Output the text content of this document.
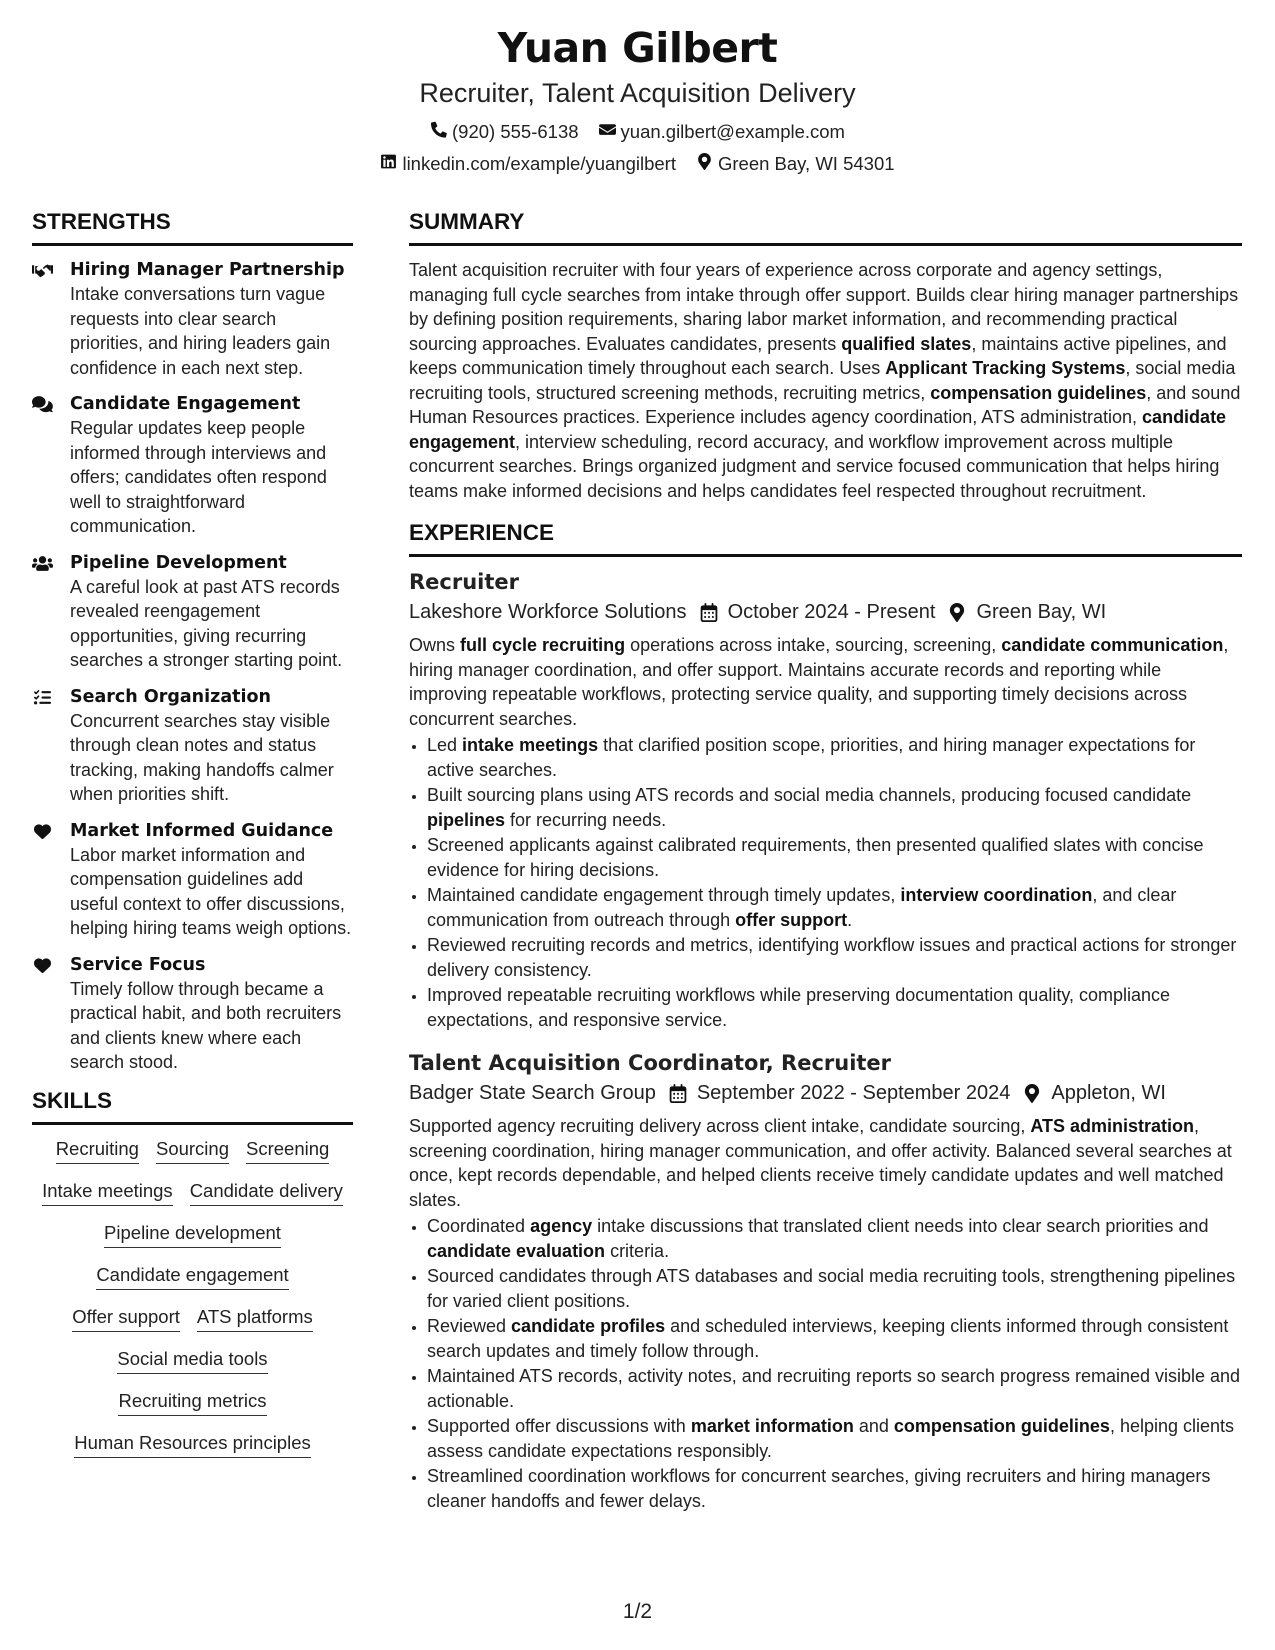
Yuan Gilbert
Recruiter, Talent Acquisition Delivery
(920) 555-6138 yuan.gilbert@example.com
linkedin.com/example/yuangilbert Green Bay, WI 54301
STRENGTHS
Hiring Manager Partnership
Intake conversations turn vague requests into clear search priorities, and hiring leaders gain confidence in each next step.
Candidate Engagement
Regular updates keep people informed through interviews and offers; candidates often respond well to straightforward communication.
Pipeline Development
A careful look at past ATS records revealed reengagement opportunities, giving recurring searches a stronger starting point.
Search Organization
Concurrent searches stay visible through clean notes and status tracking, making handoffs calmer when priorities shift.
Market Informed Guidance
Labor market information and compensation guidelines add useful context to offer discussions, helping hiring teams weigh options.
Service Focus
Timely follow through became a practical habit, and both recruiters and clients knew where each search stood.
SKILLS
Recruiting Sourcing Screening
Intake meetings Candidate delivery
Pipeline development
Candidate engagement
Offer support ATS platforms
Social media tools
Recruiting metrics
Human Resources principles
SUMMARY
Talent acquisition recruiter with four years of experience across corporate and agency settings, managing full cycle searches from intake through offer support. Builds clear hiring manager partnerships by defining position requirements, sharing labor market information, and recommending practical sourcing approaches. Evaluates candidates, presents qualified slates, maintains active pipelines, and keeps communication timely throughout each search. Uses Applicant Tracking Systems, social media recruiting tools, structured screening methods, recruiting metrics, compensation guidelines, and sound Human Resources practices. Experience includes agency coordination, ATS administration, candidate engagement, interview scheduling, record accuracy, and workflow improvement across multiple concurrent searches. Brings organized judgment and service focused communication that helps hiring teams make informed decisions and helps candidates feel respected throughout recruitment.
EXPERIENCE
Recruiter
Lakeshore Workforce Solutions October 2024 - Present Green Bay, WI
Owns full cycle recruiting operations across intake, sourcing, screening, candidate communication, hiring manager coordination, and offer support. Maintains accurate records and reporting while improving repeatable workflows, protecting service quality, and supporting timely decisions across concurrent searches.
• Led intake meetings that clarified position scope, priorities, and hiring manager expectations for active searches.
• Built sourcing plans using ATS records and social media channels, producing focused candidate pipelines for recurring needs.
• Screened applicants against calibrated requirements, then presented qualified slates with concise evidence for hiring decisions.
• Maintained candidate engagement through timely updates, interview coordination, and clear communication from outreach through offer support.
• Reviewed recruiting records and metrics, identifying workflow issues and practical actions for stronger delivery consistency.
• Improved repeatable recruiting workflows while preserving documentation quality, compliance expectations, and responsive service.
Talent Acquisition Coordinator, Recruiter
Badger State Search Group September 2022 - September 2024 Appleton, WI
Supported agency recruiting delivery across client intake, candidate sourcing, ATS administration, screening coordination, hiring manager communication, and offer activity. Balanced several searches at once, kept records dependable, and helped clients receive timely candidate updates and well matched slates.
• Coordinated agency intake discussions that translated client needs into clear search priorities and candidate evaluation criteria.
• Sourced candidates through ATS databases and social media recruiting tools, strengthening pipelines for varied client positions.
• Reviewed candidate profiles and scheduled interviews, keeping clients informed through consistent search updates and timely follow through.
• Maintained ATS records, activity notes, and recruiting reports so search progress remained visible and actionable.
• Supported offer discussions with market information and compensation guidelines, helping clients assess candidate expectations responsibly.
• Streamlined coordination workflows for concurrent searches, giving recruiters and hiring managers cleaner handoffs and fewer delays.
1/2
